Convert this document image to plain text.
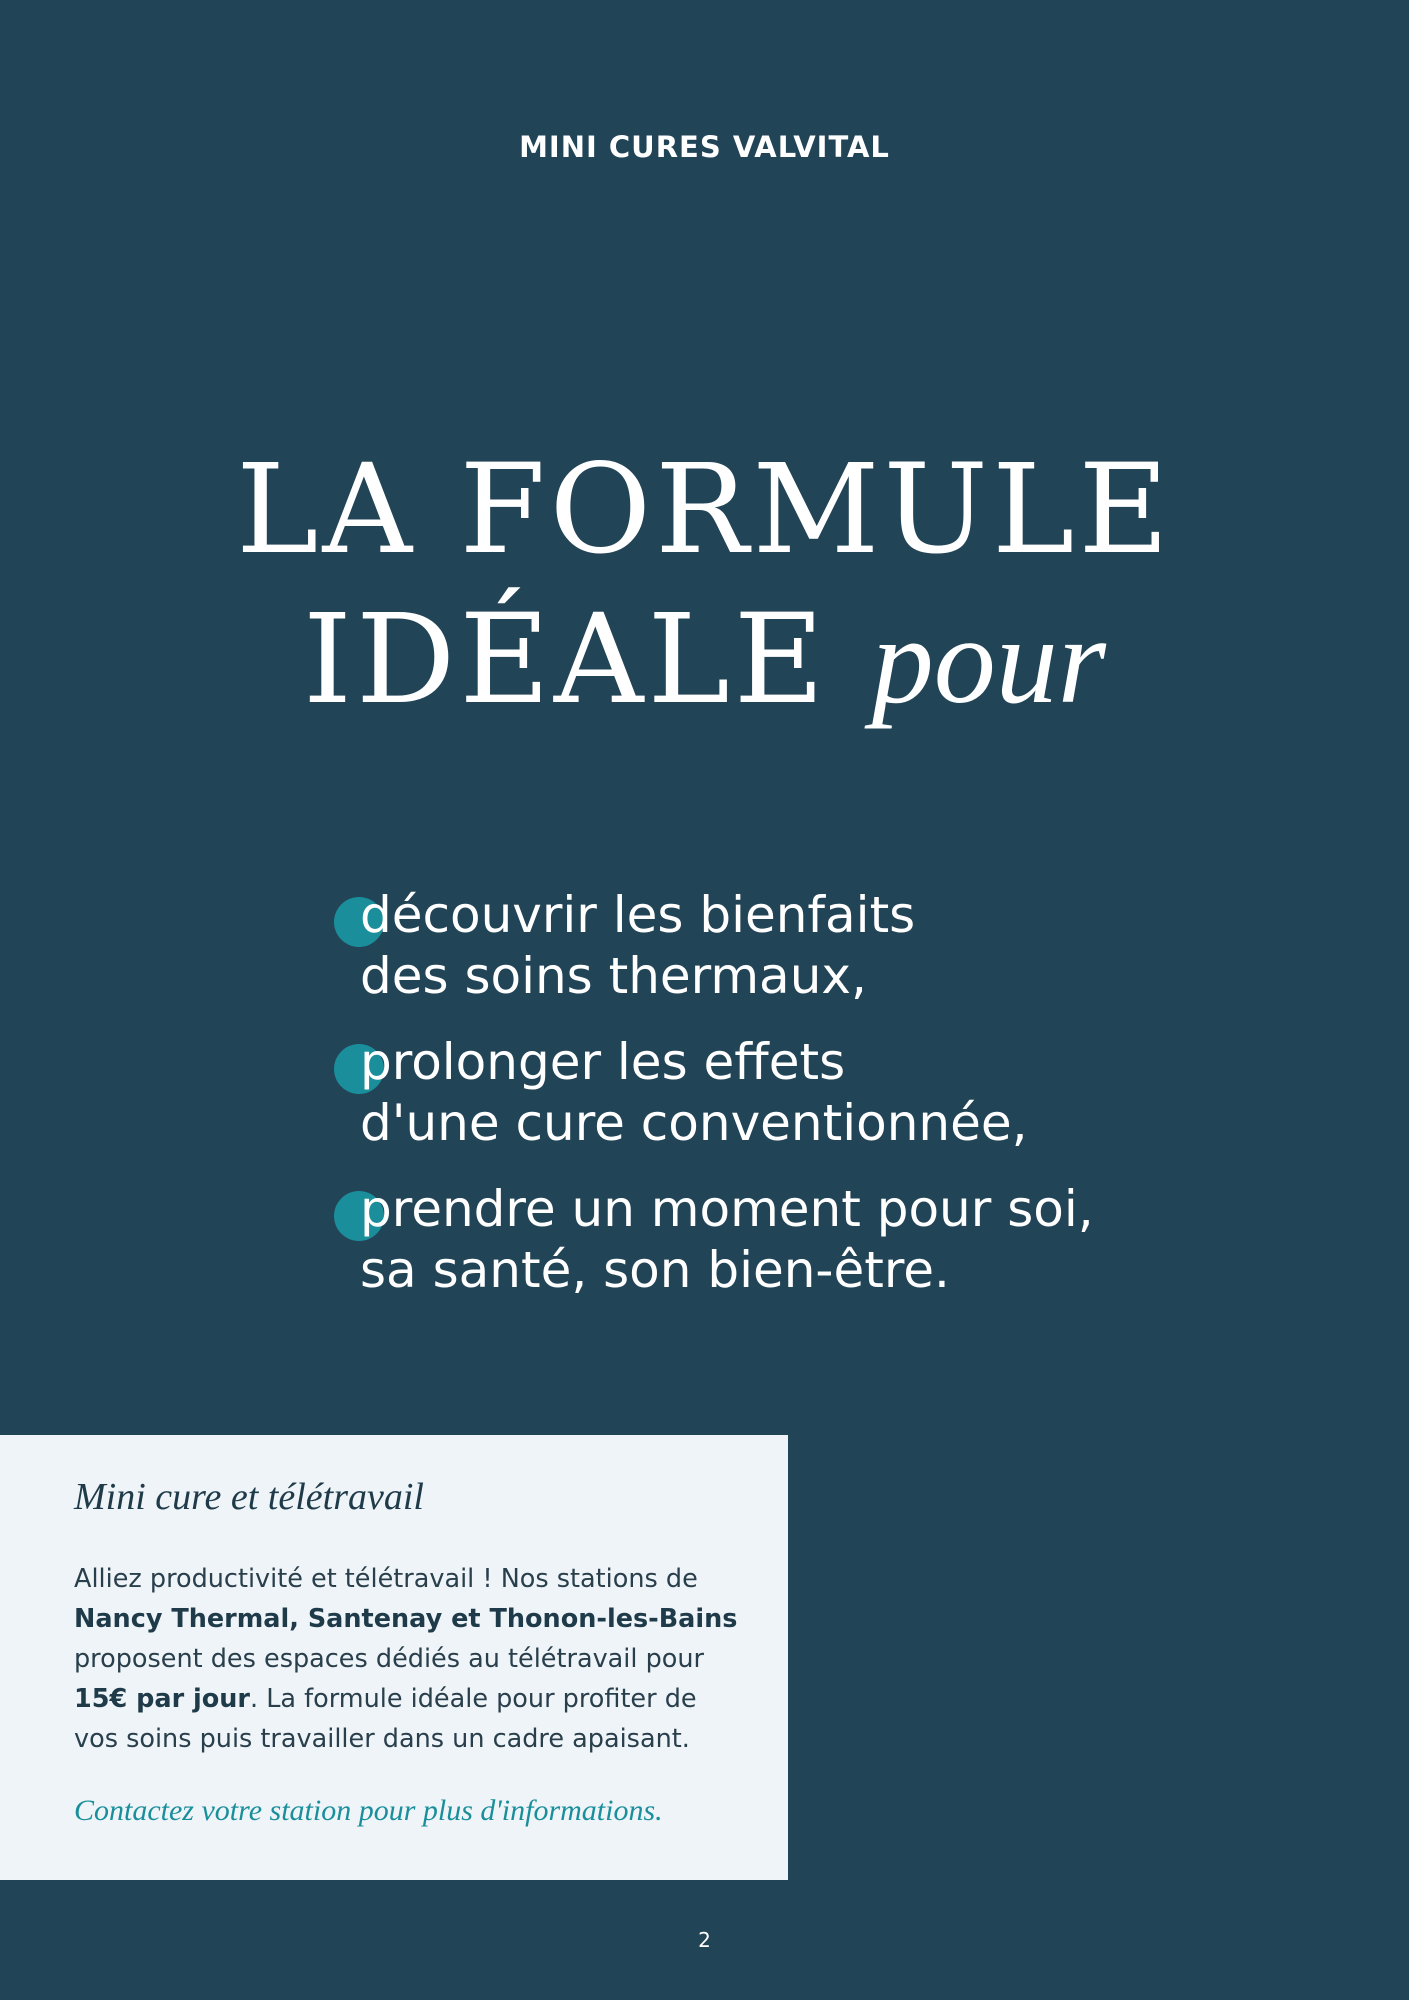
MINI CURES VALVITAL
LA FORMULE
IDÉALE pour
découvrir les bienfaits
des soins thermaux,
prolonger les effets
d'une cure conventionnée,
prendre un moment pour soi,
sa santé, son bien-être.

Mini cure et télétravail

Alliez productivité et télétravail ! Nos stations de Nancy Thermal, Santenay et Thonon-les-Bains proposent des espaces dédiés au télétravail pour 15€ par jour. La formule idéale pour profiter de vos soins puis travailler dans un cadre apaisant.

Contactez votre station pour plus d'informations.

2
